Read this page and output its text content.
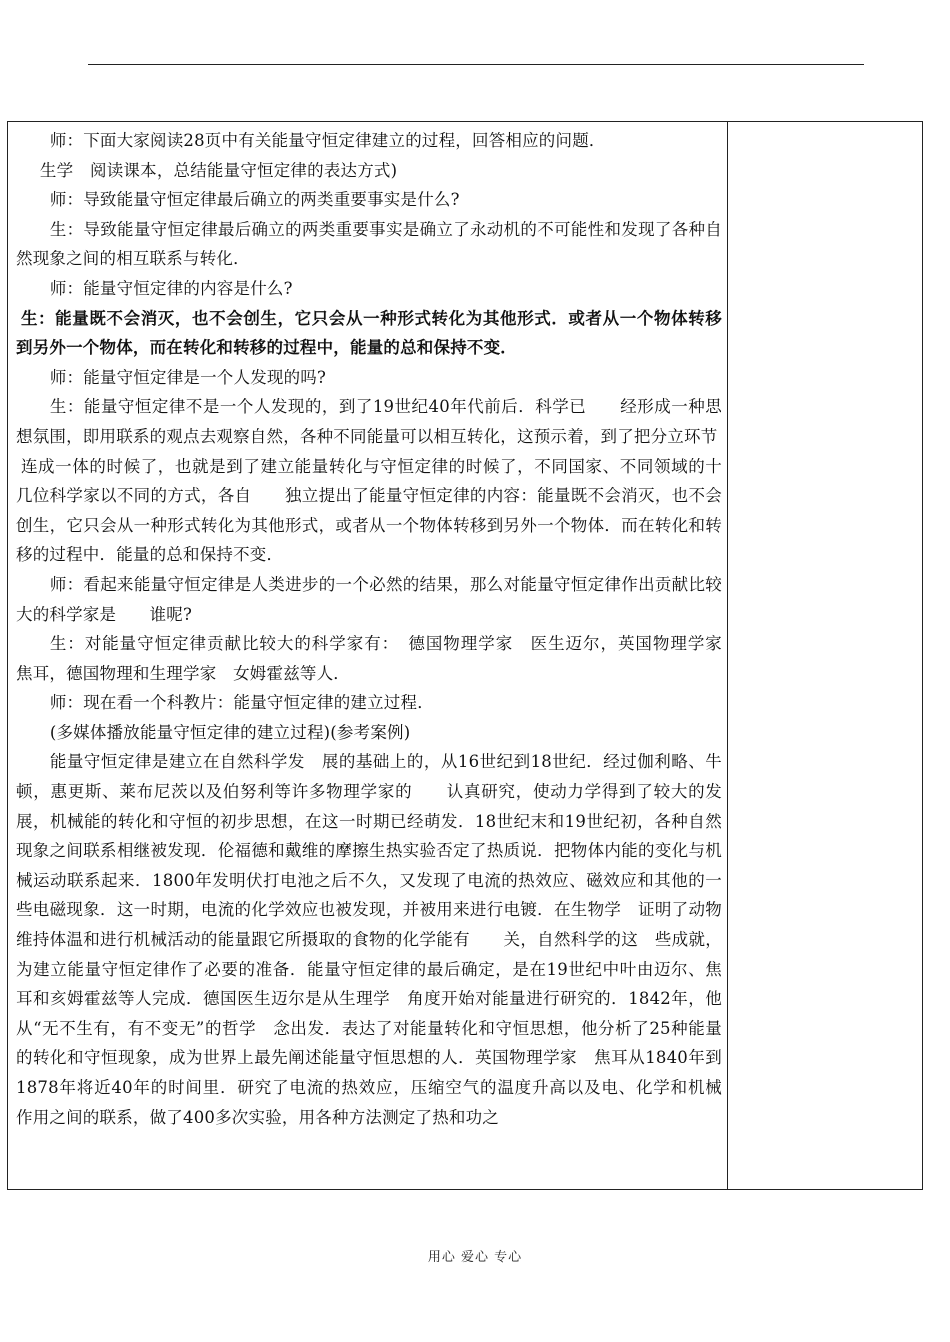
师：下面大家阅读28页中有关能量守恒定律建立的过程，回答相应的问题．

生学　阅读课本，总结能量守恒定律的表达方式)

师：导致能量守恒定律最后确立的两类重要事实是什么?

生：导致能量守恒定律最后确立的两类重要事实是确立了永动机的不可能性和发现了各种自然现象之间的相互联系与转化．

师：能量守恒定律的内容是什么?

生：能量既不会消灭，也不会创生，它只会从一种形式转化为其他形式．或者从一个物体转移到另外一个物体，而在转化和转移的过程中，能量的总和保持不变．

师：能量守恒定律是一个人发现的吗?

生：能量守恒定律不是一个人发现的，到了19世纪40年代前后．科学已　　经形成一种思想氛围，即用联系的观点去观察自然，各种不同能量可以相互转化，这预示着，到了把分立环节

连成一体的时候了，也就是到了建立能量转化与守恒定律的时候了，不同国家、不同领域的十几位科学家以不同的方式，各自　　独立提出了能量守恒定律的内容：能量既不会消灭，也不会创生，它只会从一种形式转化为其他形式，或者从一个物体转移到另外一个物体．而在转化和转移的过程中．能量的总和保持不变．

师：看起来能量守恒定律是人类进步的一个必然的结果，那么对能量守恒定律作出贡献比较大的科学家是　　谁呢?

生：对能量守恒定律贡献比较大的科学家有：　德国物理学家　医生迈尔，英国物理学家　焦耳，德国物理和生理学家　女姆霍兹等人．

师：现在看一个科教片：能量守恒定律的建立过程．

(多媒体播放能量守恒定律的建立过程)(参考案例)

能量守恒定律是建立在自然科学发　展的基础上的，从16世纪到18世纪．经过伽利略、牛顿，惠更斯、莱布尼茨以及伯努利等许多物理学家的　　认真研究，使动力学得到了较大的发展，机械能的转化和守恒的初步思想，在这一时期已经萌发．18世纪末和19世纪初，各种自然现象之间联系相继被发现．伦福德和戴维的摩擦生热实验否定了热质说．把物体内能的变化与机械运动联系起来．1800年发明伏打电池之后不久，又发现了电流的热效应、磁效应和其他的一些电磁现象．这一时期，电流的化学效应也被发现，并被用来进行电镀．在生物学　证明了动物维持体温和进行机械活动的能量跟它所摄取的食物的化学能有　　关，自然科学的这　些成就，为建立能量守恒定律作了必要的准备．能量守恒定律的最后确定，是在19世纪中叶由迈尔、焦耳和亥姆霍兹等人完成．德国医生迈尔是从生理学　角度开始对能量进行研究的．1842年，他从“无不生有，有不变无”的哲学　念出发．表达了对能量转化和守恒思想，他分析了25种能量的转化和守恒现象，成为世界上最先阐述能量守恒思想的人．英国物理学家　焦耳从1840年到1878年将近40年的时间里．研究了电流的热效应，压缩空气的温度升高以及电、化学和机械　　作用之间的联系，做了400多次实验，用各种方法测定了热和功之

用心 爱心 专心
